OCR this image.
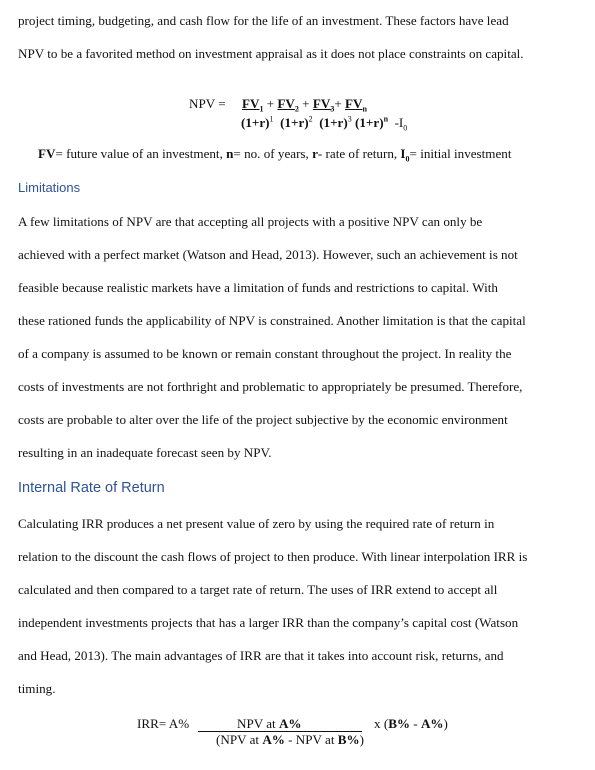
project timing, budgeting, and cash flow for the life of an investment. These factors have lead

NPV to be a favorited method on investment appraisal as it does not place constraints on capital.

NPV = $FV_1 + FV_2 + FV_3+ FV_n$
$(1+r)^1$ $(1+r)^2$ $(1+r)^3$ $(1+r)^n$ $-I_0$

FV= future value of an investment, n= no. of years, r- rate of return, $I_0=$ initial investment

Limitations

A few limitations of NPV are that accepting all projects with a positive NPV can only be

achieved with a perfect market (Watson and Head, 2013). However, such an achievement is not

feasible because realistic markets have a limitation of funds and restrictions to capital. With

these rationed funds the applicability of NPV is constrained. Another limitation is that the capital

of a company is assumed to be known or remain constant throughout the project. In reality the

costs of investments are not forthright and problematic to appropriately be presumed. Therefore,

costs are probable to alter over the life of the project subjective by the economic environment

resulting in an inadequate forecast seen by NPV.

Internal Rate of Return

Calculating IRR produces a net present value of zero by using the required rate of return in

relation to the discount the cash flows of project to then produce. With linear interpolation IRR is

calculated and then compared to a target rate of return. The uses of IRR extend to accept all

independent investments projects that has a larger IRR than the company’s capital cost (Watson

and Head, 2013). The main advantages of IRR are that it takes into account risk, returns, and

timing.

IRR= A%	NPV at A%
(NPV at A% - NPV at B%)
x (B% - A%)
